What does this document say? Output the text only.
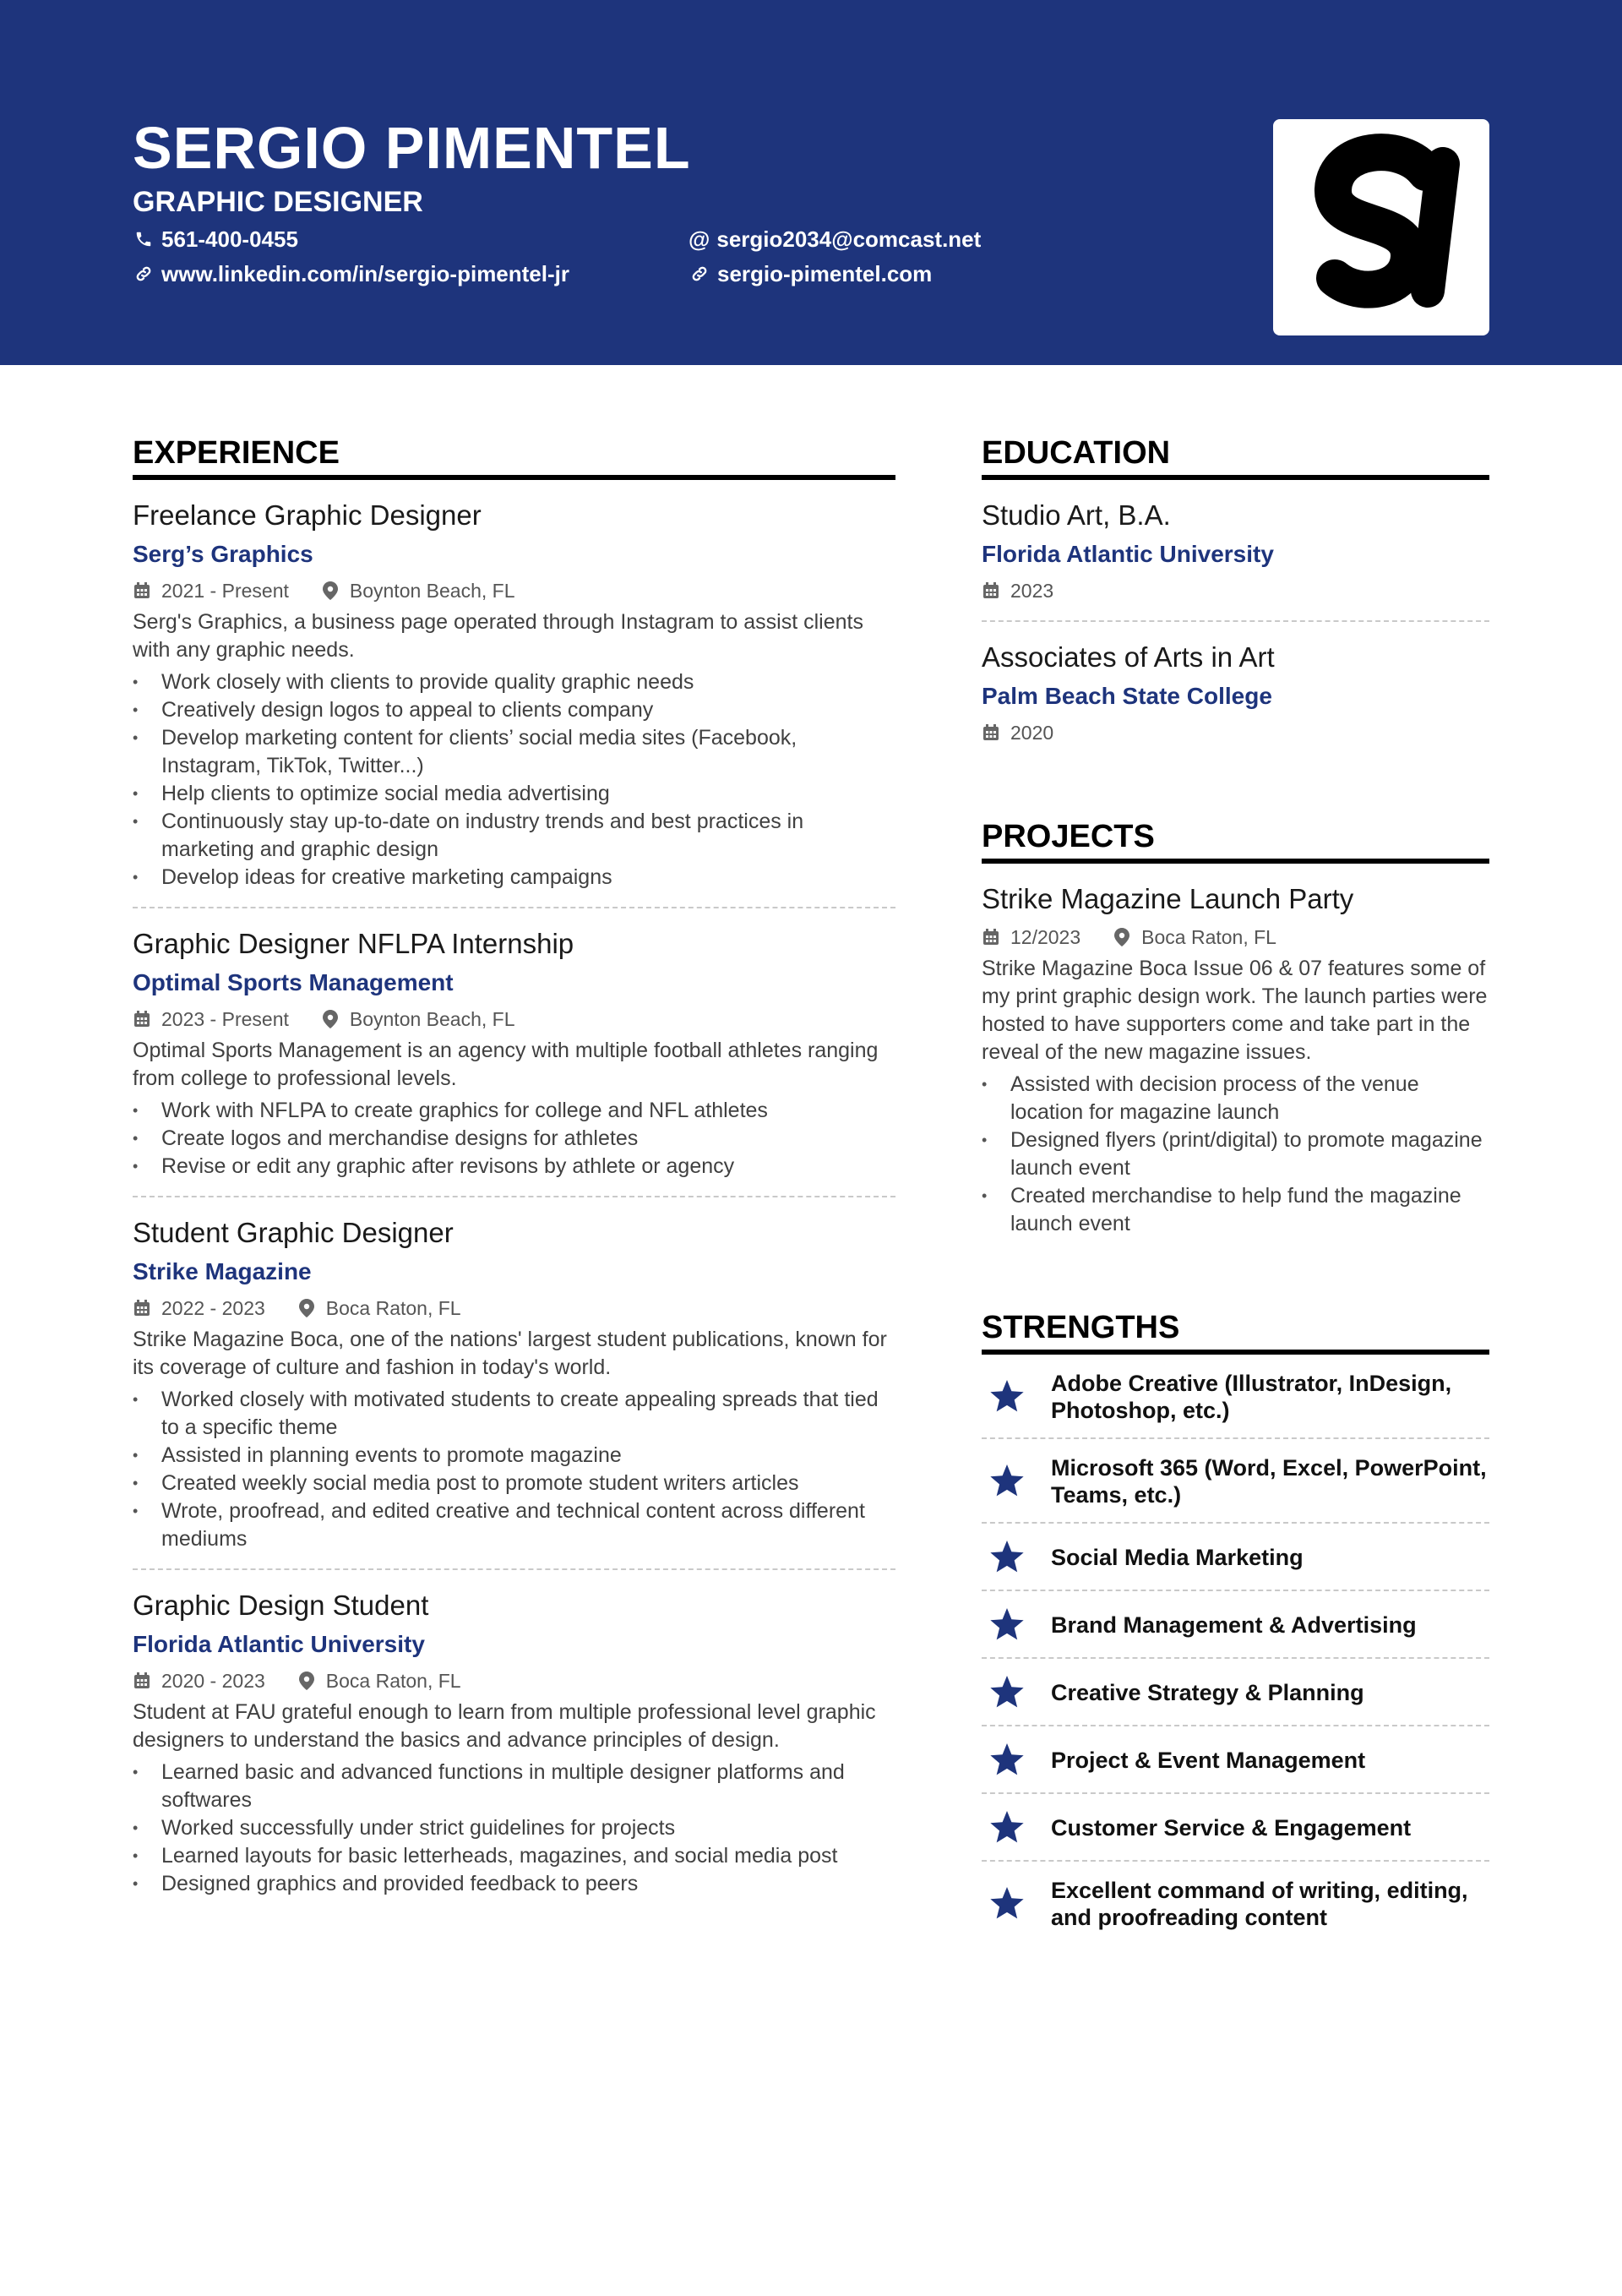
SERGIO PIMENTEL
GRAPHIC DESIGNER
561-400-0455	@ sergio2034@comcast.net
www.linkedin.com/in/sergio-pimentel-jr	sergio-pimentel.com
EXPERIENCE
Freelance Graphic Designer
Serg’s Graphics
2021 - Present	Boynton Beach, FL
Serg's Graphics, a business page operated through Instagram to assist clients with any graphic needs.
• Work closely with clients to provide quality graphic needs
• Creatively design logos to appeal to clients company
• Develop marketing content for clients’ social media sites (Facebook, Instagram, TikTok, Twitter...)
• Help clients to optimize social media advertising
• Continuously stay up-to-date on industry trends and best practices in marketing and graphic design
• Develop ideas for creative marketing campaigns
Graphic Designer NFLPA Internship
Optimal Sports Management
2023 - Present	Boynton Beach, FL
Optimal Sports Management is an agency with multiple football athletes ranging from college to professional levels.
• Work with NFLPA to create graphics for college and NFL athletes
• Create logos and merchandise designs for athletes
• Revise or edit any graphic after revisons by athlete or agency
Student Graphic Designer
Strike Magazine
2022 - 2023	Boca Raton, FL
Strike Magazine Boca, one of the nations' largest student publications, known for its coverage of culture and fashion in today's world.
• Worked closely with motivated students to create appealing spreads that tied to a specific theme
• Assisted in planning events to promote magazine
• Created weekly social media post to promote student writers articles
• Wrote, proofread, and edited creative and technical content across different mediums
Graphic Design Student
Florida Atlantic University
2020 - 2023	Boca Raton, FL
Student at FAU grateful enough to learn from multiple professional level graphic designers to understand the basics and advance principles of design.
• Learned basic and advanced functions in multiple designer platforms and softwares
• Worked successfully under strict guidelines for projects
• Learned layouts for basic letterheads, magazines, and social media post
• Designed graphics and provided feedback to peers
EDUCATION
Studio Art, B.A.
Florida Atlantic University
2023
Associates of Arts in Art
Palm Beach State College
2020
PROJECTS
Strike Magazine Launch Party
12/2023	Boca Raton, FL
Strike Magazine Boca Issue 06 & 07 features some of my print graphic design work. The launch parties were hosted to have supporters come and take part in the reveal of the new magazine issues.
• Assisted with decision process of the venue location for magazine launch
• Designed flyers (print/digital) to promote magazine launch event
• Created merchandise to help fund the magazine launch event
STRENGTHS
Adobe Creative (Illustrator, InDesign, Photoshop, etc.)
Microsoft 365 (Word, Excel, PowerPoint, Teams, etc.)
Social Media Marketing
Brand Management & Advertising
Creative Strategy & Planning
Project & Event Management
Customer Service & Engagement
Excellent command of writing, editing, and proofreading content
